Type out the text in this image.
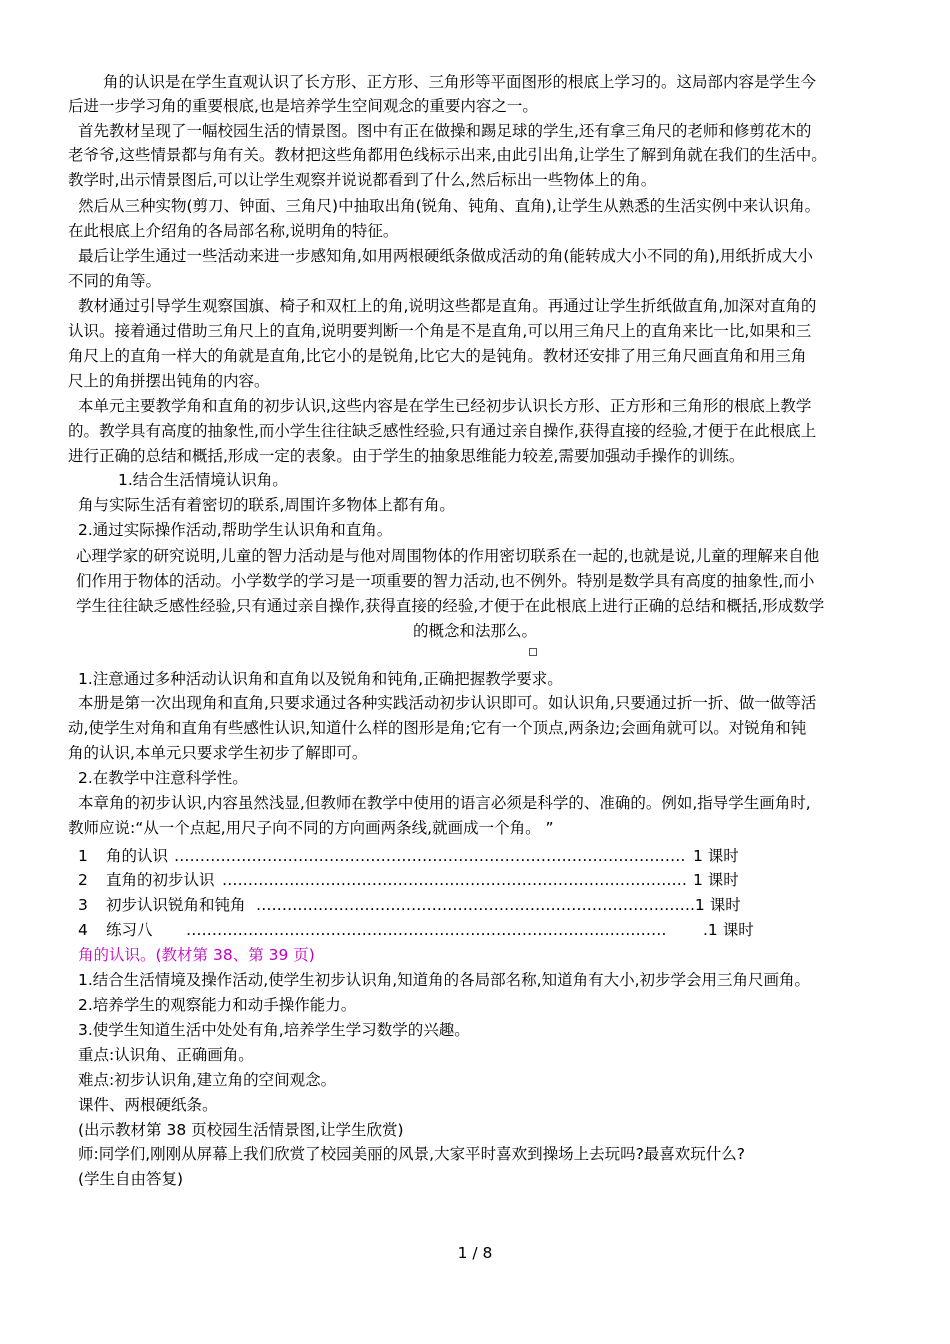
角的认识是在学生直观认识了长方形、正方形、三角形等平面图形的根底上学习的。这局部内容是学生今
后进一步学习角的重要根底,也是培养学生空间观念的重要内容之一。
首先教材呈现了一幅校园生活的情景图。图中有正在做操和踢足球的学生,还有拿三角尺的老师和修剪花木的
老爷爷,这些情景都与角有关。教材把这些角都用色线标示出来,由此引出角,让学生了解到角就在我们的生活中。
教学时,出示情景图后,可以让学生观察并说说都看到了什么,然后标出一些物体上的角。
然后从三种实物(剪刀、钟面、三角尺)中抽取出角(锐角、钝角、直角),让学生从熟悉的生活实例中来认识角。
在此根底上介绍角的各局部名称,说明角的特征。
最后让学生通过一些活动来进一步感知角,如用两根硬纸条做成活动的角(能转成大小不同的角),用纸折成大小
不同的角等。
教材通过引导学生观察国旗、椅子和双杠上的角,说明这些都是直角。再通过让学生折纸做直角,加深对直角的
认识。接着通过借助三角尺上的直角,说明要判断一个角是不是直角,可以用三角尺上的直角来比一比,如果和三
角尺上的直角一样大的角就是直角,比它小的是锐角,比它大的是钝角。教材还安排了用三角尺画直角和用三角
尺上的角拼摆出钝角的内容。
本单元主要教学角和直角的初步认识,这些内容是在学生已经初步认识长方形、正方形和三角形的根底上教学
的。教学具有高度的抽象性,而小学生往往缺乏感性经验,只有通过亲自操作,获得直接的经验,才便于在此根底上
进行正确的总结和概括,形成一定的表象。由于学生的抽象思维能力较差,需要加强动手操作的训练。
1.结合生活情境认识角。
角与实际生活有着密切的联系,周围许多物体上都有角。
2.通过实际操作活动,帮助学生认识角和直角。
心理学家的研究说明,儿童的智力活动是与他对周围物体的作用密切联系在一起的,也就是说,儿童的理解来自他
们作用于物体的活动。小学数学的学习是一项重要的智力活动,也不例外。特别是数学具有高度的抽象性,而小
学生往往缺乏感性经验,只有通过亲自操作,获得直接的经验,才便于在此根底上进行正确的总结和概括,形成数学
的概念和法那么。
1.注意通过多种活动认识角和直角以及锐角和钝角,正确把握教学要求。
本册是第一次出现角和直角,只要求通过各种实践活动初步认识即可。如认识角,只要通过折一折、做一做等活
动,使学生对角和直角有些感性认识,知道什么样的图形是角;它有一个顶点,两条边;会画角就可以。对锐角和钝
角的认识,本单元只要求学生初步了解即可。
2.在教学中注意科学性。
本章角的初步认识,内容虽然浅显,但教师在教学中使用的语言必须是科学的、准确的。例如,指导学生画角时,
教师应说:“从一个点起,用尺子向不同的方向画两条线,就画成一个角。 ”
1 角的认识 ……………………………………………………………………………………… 1 课时
2 直角的初步认识 ……………………………………………………………………………… 1 课时
3 初步认识锐角和钝角 ………………………………………………………………………… .1 课时
4 练习八 ………………………………………………………………………………… .1 课时
角的认识。(教材第 38、第 39 页)
1.结合生活情境及操作活动,使学生初步认识角,知道角的各局部名称,知道角有大小,初步学会用三角尺画角。
2.培养学生的观察能力和动手操作能力。
3.使学生知道生活中处处有角,培养学生学习数学的兴趣。
重点:认识角、正确画角。
难点:初步认识角,建立角的空间观念。
课件、两根硬纸条。
(出示教材第 38 页校园生活情景图,让学生欣赏)
师:同学们,刚刚从屏幕上我们欣赏了校园美丽的风景,大家平时喜欢到操场上去玩吗?最喜欢玩什么?
(学生自由答复)
1 / 8
